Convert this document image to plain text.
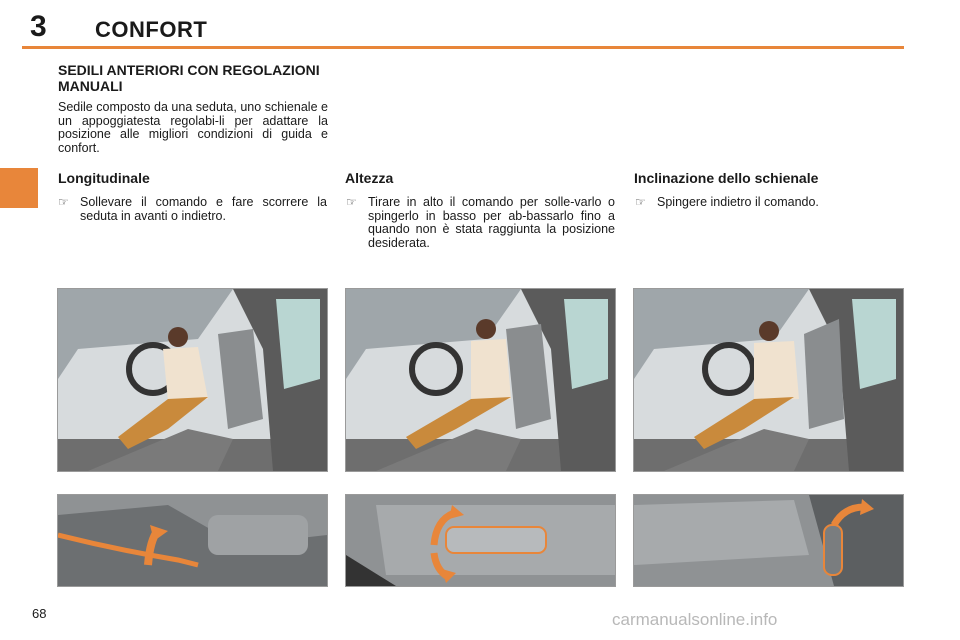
3 CONFORT
SEDILI ANTERIORI CON REGOLAZIONI MANUALI
Sedile composto da una seduta, uno schienale e un appoggiatesta regolabi-li per adattare la posizione alle migliori condizioni di guida e confort.
Longitudinale
☞ Sollevare il comando e fare scorrere la seduta in avanti o indietro.
Altezza
☞ Tirare in alto il comando per solle-varlo o spingerlo in basso per ab-bassarlo fino a quando non è stata raggiunta la posizione desiderata.
Inclinazione dello schienale
☞ Spingere indietro il comando.
68	carmanualsonline.info
